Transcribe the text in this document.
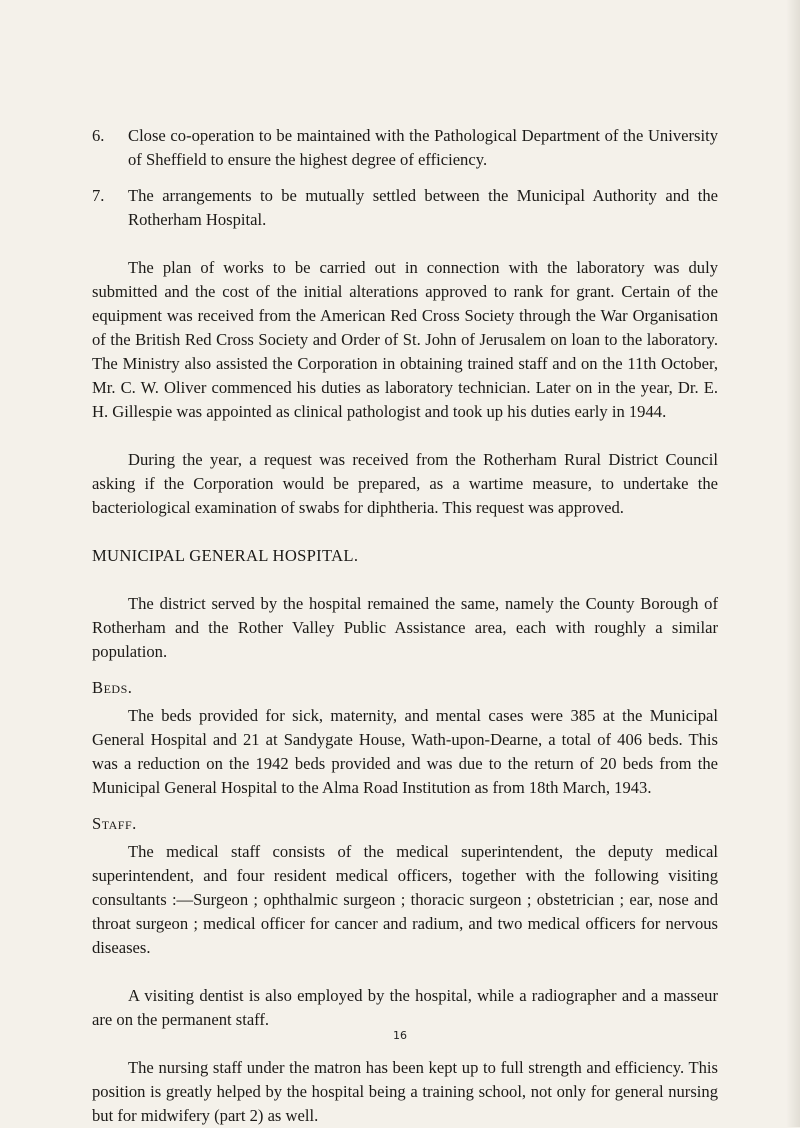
6. Close co-operation to be maintained with the Pathological Department of the University of Sheffield to ensure the highest degree of efficiency.

7. The arrangements to be mutually settled between the Municipal Authority and the Rotherham Hospital.

The plan of works to be carried out in connection with the laboratory was duly submitted and the cost of the initial alterations approved to rank for grant. Certain of the equipment was received from the American Red Cross Society through the War Organisation of the British Red Cross Society and Order of St. John of Jerusalem on loan to the laboratory. The Ministry also assisted the Corporation in obtaining trained staff and on the 11th October, Mr. C. W. Oliver commenced his duties as laboratory technician. Later on in the year, Dr. E. H. Gillespie was appointed as clinical pathologist and took up his duties early in 1944.

During the year, a request was received from the Rotherham Rural District Council asking if the Corporation would be prepared, as a wartime measure, to undertake the bacteriological examination of swabs for diphtheria. This request was approved.

MUNICIPAL GENERAL HOSPITAL.

The district served by the hospital remained the same, namely the County Borough of Rotherham and the Rother Valley Public Assistance area, each with roughly a similar population.

Beds.

The beds provided for sick, maternity, and mental cases were 385 at the Municipal General Hospital and 21 at Sandygate House, Wath-upon-Dearne, a total of 406 beds. This was a reduction on the 1942 beds provided and was due to the return of 20 beds from the Municipal General Hospital to the Alma Road Institution as from 18th March, 1943.

Staff.

The medical staff consists of the medical superintendent, the deputy medical superintendent, and four resident medical officers, together with the following visiting consultants :—Surgeon ; ophthalmic surgeon ; thoracic surgeon ; obstetrician ; ear, nose and throat surgeon ; medical officer for cancer and radium, and two medical officers for nervous diseases.

A visiting dentist is also employed by the hospital, while a radiographer and a masseur are on the permanent staff.

The nursing staff under the matron has been kept up to full strength and efficiency. This position is greatly helped by the hospital being a training school, not only for general nursing but for midwifery (part 2) as well.

16
